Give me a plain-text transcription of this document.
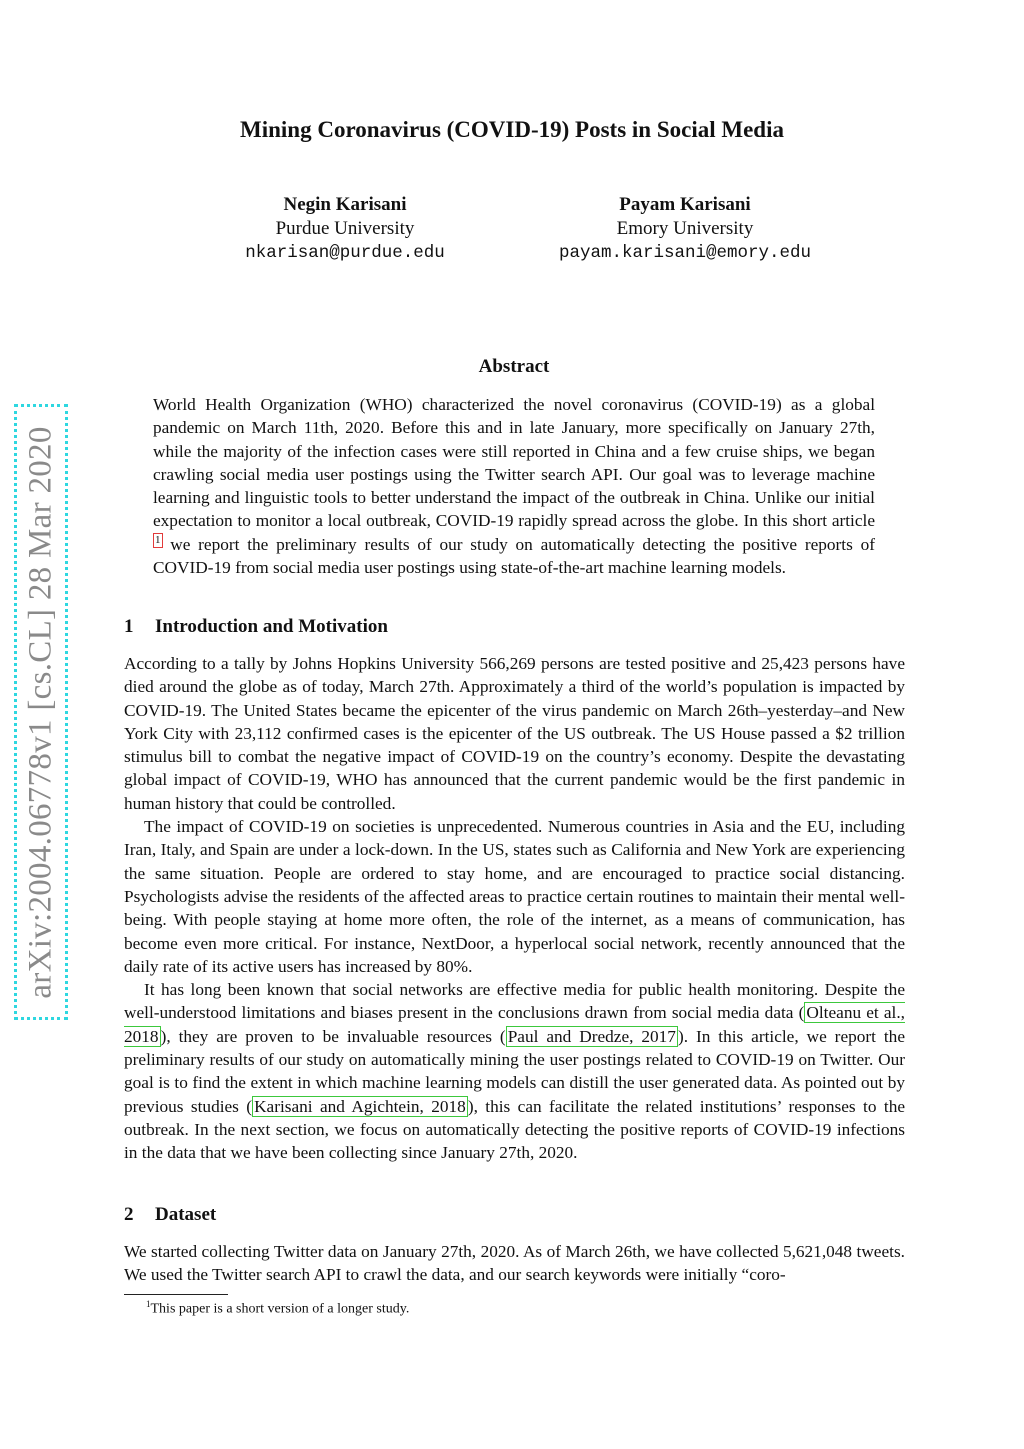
arXiv:2004.06778v1 [cs.CL] 28 Mar 2020
Mining Coronavirus (COVID-19) Posts in Social Media
Negin Karisani
Purdue University
nkarisan@purdue.edu
Payam Karisani
Emory University
payam.karisani@emory.edu
Abstract

World Health Organization (WHO) characterized the novel coronavirus (COVID-19) as a global pandemic on March 11th, 2020. Before this and in late January, more specifically on January 27th, while the majority of the infection cases were still reported in China and a few cruise ships, we began crawling social media user postings using the Twitter search API. Our goal was to leverage machine learning and linguistic tools to better understand the impact of the outbreak in China. Unlike our initial expectation to monitor a local outbreak, COVID-19 rapidly spread across the globe. In this short article1 we report the preliminary results of our study on automatically detecting the positive reports of COVID-19 from social media user postings using state-of-the-art machine learning models.

1 Introduction and Motivation

According to a tally by Johns Hopkins University 566,269 persons are tested positive and 25,423 persons have died around the globe as of today, March 27th. Approximately a third of the world’s population is impacted by COVID-19. The United States became the epicenter of the virus pandemic on March 26th–yesterday–and New York City with 23,112 confirmed cases is the epicenter of the US outbreak. The US House passed a $2 trillion stimulus bill to combat the negative impact of COVID-19 on the country’s economy. Despite the devastating global impact of COVID-19, WHO has announced that the current pandemic would be the first pandemic in human history that could be controlled.

The impact of COVID-19 on societies is unprecedented. Numerous countries in Asia and the EU, including Iran, Italy, and Spain are under a lock-down. In the US, states such as California and New York are experiencing the same situation. People are ordered to stay home, and are encouraged to practice social distancing. Psychologists advise the residents of the affected areas to practice certain routines to maintain their mental well-being. With people staying at home more often, the role of the internet, as a means of communication, has become even more critical. For instance, NextDoor, a hyperlocal social network, recently announced that the daily rate of its active users has increased by 80%.

It has long been known that social networks are effective media for public health monitoring. Despite the well-understood limitations and biases present in the conclusions drawn from social media data ( Olteanu et al., 2018 ), they are proven to be invaluable resources ( Paul and Dredze, 2017 ). In this article, we report the preliminary results of our study on automatically mining the user postings related to COVID-19 on Twitter. Our goal is to find the extent in which machine learning models can distill the user generated data. As pointed out by previous studies ( Karisani and Agichtein, 2018 ), this can facilitate the related institutions’ responses to the outbreak. In the next section, we focus on automatically detecting the positive reports of COVID-19 infections in the data that we have been collecting since January 27th, 2020.

2 Dataset

We started collecting Twitter data on January 27th, 2020. As of March 26th, we have collected 5,621,048 tweets. We used the Twitter search API to crawl the data, and our search keywords were initially “coro-

$^1$This paper is a short version of a longer study.
